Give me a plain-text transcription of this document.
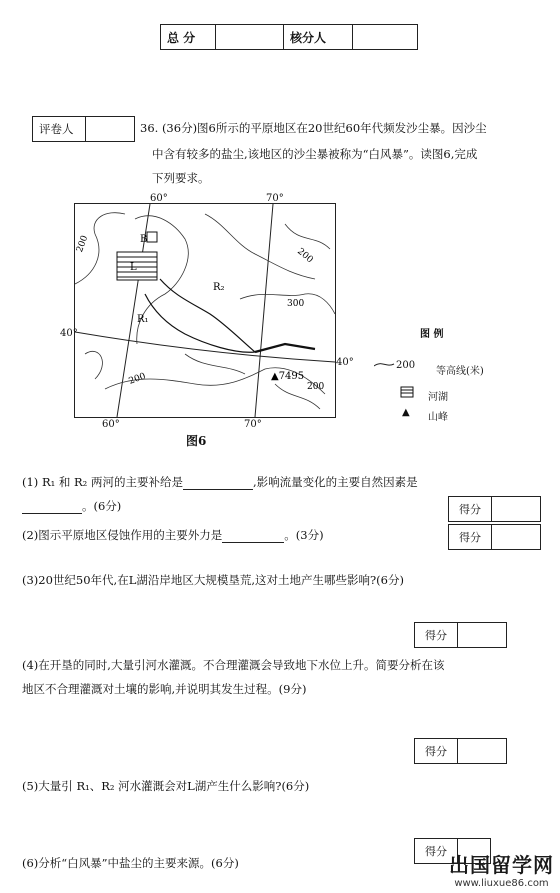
总 分		核分人	
评卷人		36. (36分)图6所示的平原地区在20世纪60年代频发沙尘暴。因沙尘
中含有较多的盐尘,该地区的沙尘暴被称为“白风暴”。读图6,完成
下列要求。
60°	70°
B
L
R₁
R₂
200
200
300
200
200
▲7495
40°
40°
60°	70°
图6
图 例
200
等高线(米)
河湖
▲ 山峰
(1) R₁ 和 R₂ 两河的主要补给是	,影响流量变化的主要自然因素是
。(6分)	得分	
(2)图示平原地区侵蚀作用的主要外力是	。(3分)	得分	
(3)20世纪50年代,在L湖沿岸地区大规模垦荒,这对土地产生哪些影响?(6分)
得分	
(4)在开垦的同时,大量引河水灌溉。不合理灌溉会导致地下水位上升。简要分析在该
地区不合理灌溉对土壤的影响,并说明其发生过程。(9分)
得分	
(5)大量引 R₁、R₂ 河水灌溉会对L湖产生什么影响?(6分)
得分	
(6)分析“白风暴”中盐尘的主要来源。(6分)	出国留学网
www.liuxue86.com
